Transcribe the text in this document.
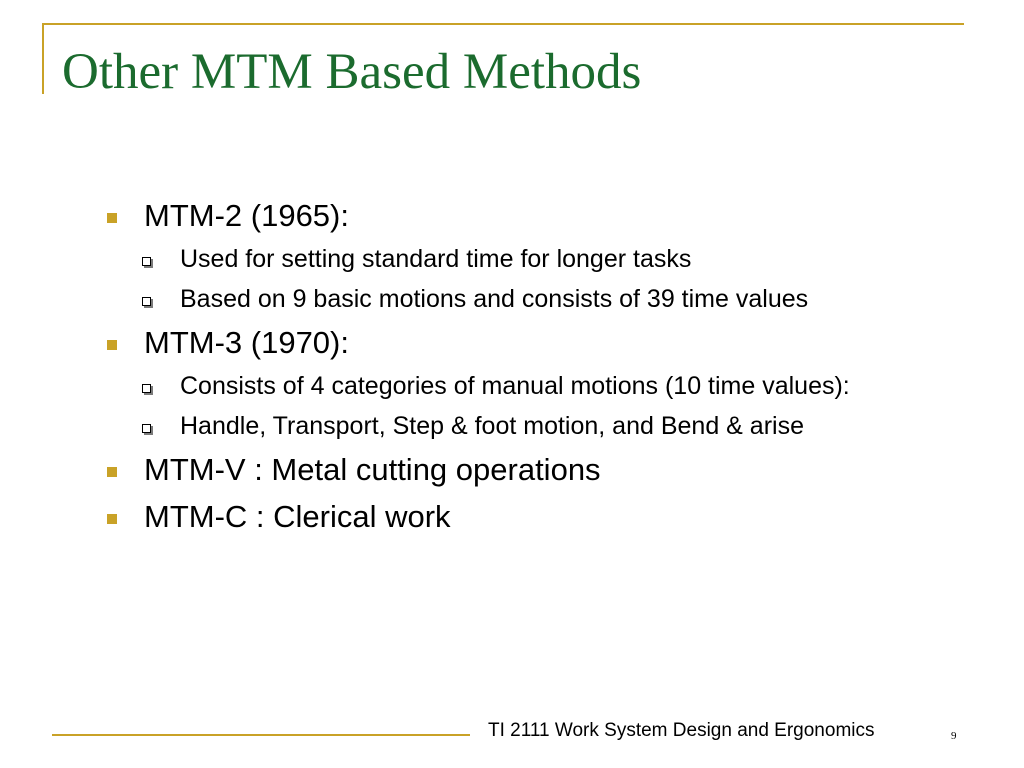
Other MTM Based Methods
MTM-2 (1965):
Used for setting standard time for longer tasks
Based on 9 basic motions and consists of 39 time values
MTM-3 (1970):
Consists of 4 categories of manual motions (10 time values):
Handle, Transport, Step & foot motion, and Bend & arise
MTM-V : Metal cutting operations
MTM-C : Clerical work
TI 2111 Work System Design and Ergonomics	9
